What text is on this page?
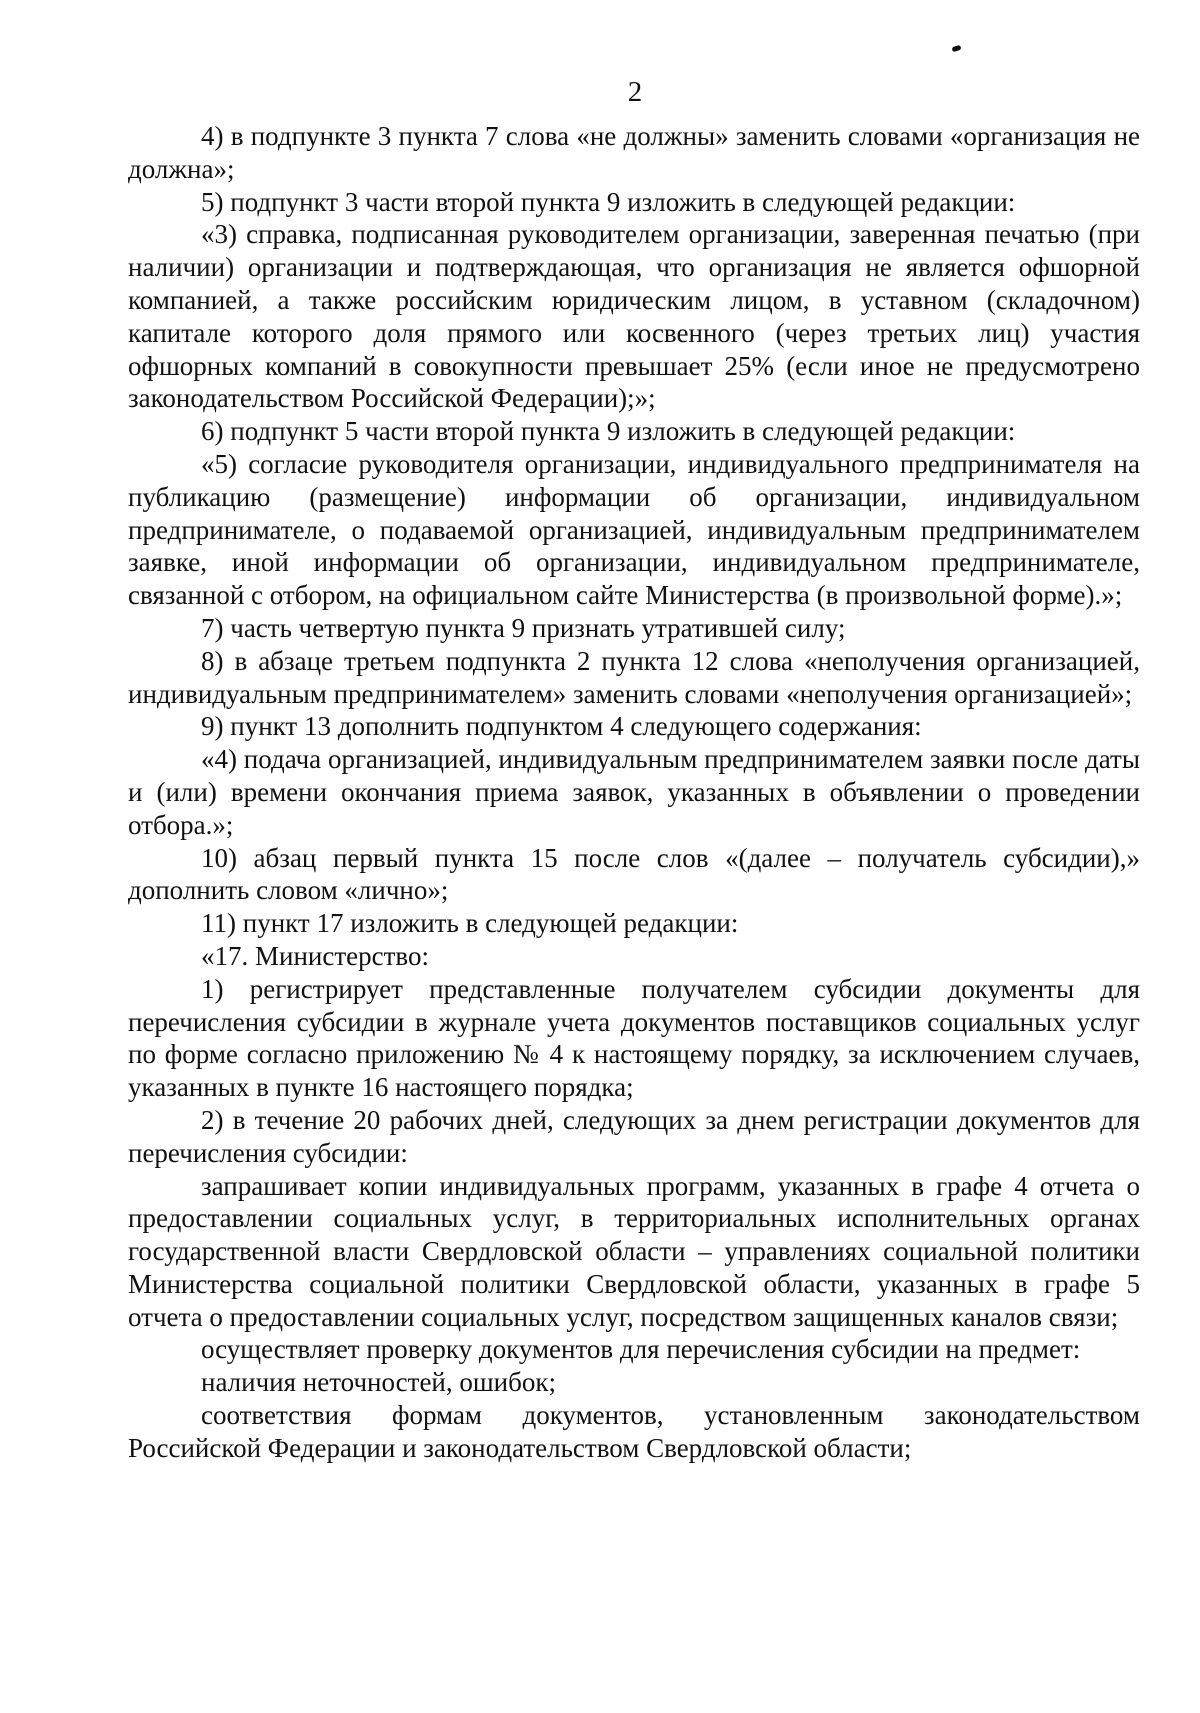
2

4) в подпункте 3 пункта 7 слова «не должны» заменить словами «организация не должна»;

5) подпункт 3 части второй пункта 9 изложить в следующей редакции:

«3) справка, подписанная руководителем организации, заверенная печатью (при наличии) организации и подтверждающая, что организация не является офшорной компанией, а также российским юридическим лицом, в уставном (складочном) капитале которого доля прямого или косвенного (через третьих лиц) участия офшорных компаний в совокупности превышает 25% (если иное не предусмотрено законодательством Российской Федерации);»;

6) подпункт 5 части второй пункта 9 изложить в следующей редакции:

«5) согласие руководителя организации, индивидуального предпринимателя на публикацию (размещение) информации об организации, индивидуальном предпринимателе, о подаваемой организацией, индивидуальным предпринимателем заявке, иной информации об организации, индивидуальном предпринимателе, связанной с отбором, на официальном сайте Министерства (в произвольной форме).»;

7) часть четвертую пункта 9 признать утратившей силу;

8) в абзаце третьем подпункта 2 пункта 12 слова «неполучения организацией, индивидуальным предпринимателем» заменить словами «неполучения организацией»;

9) пункт 13 дополнить подпунктом 4 следующего содержания:

«4) подача организацией, индивидуальным предпринимателем заявки после даты и (или) времени окончания приема заявок, указанных в объявлении о проведении отбора.»;

10) абзац первый пункта 15 после слов «(далее – получатель субсидии),» дополнить словом «лично»;

11) пункт 17 изложить в следующей редакции:

«17. Министерство:

1) регистрирует представленные получателем субсидии документы для перечисления субсидии в журнале учета документов поставщиков социальных услуг по форме согласно приложению № 4 к настоящему порядку, за исключением случаев, указанных в пункте 16 настоящего порядка;

2) в течение 20 рабочих дней, следующих за днем регистрации документов для перечисления субсидии:

запрашивает копии индивидуальных программ, указанных в графе 4 отчета о предоставлении социальных услуг, в территориальных исполнительных органах государственной власти Свердловской области – управлениях социальной политики Министерства социальной политики Свердловской области, указанных в графе 5 отчета о предоставлении социальных услуг, посредством защищенных каналов связи;

осуществляет проверку документов для перечисления субсидии на предмет:

наличия неточностей, ошибок;

соответствия формам документов, установленным законодательством Российской Федерации и законодательством Свердловской области;
